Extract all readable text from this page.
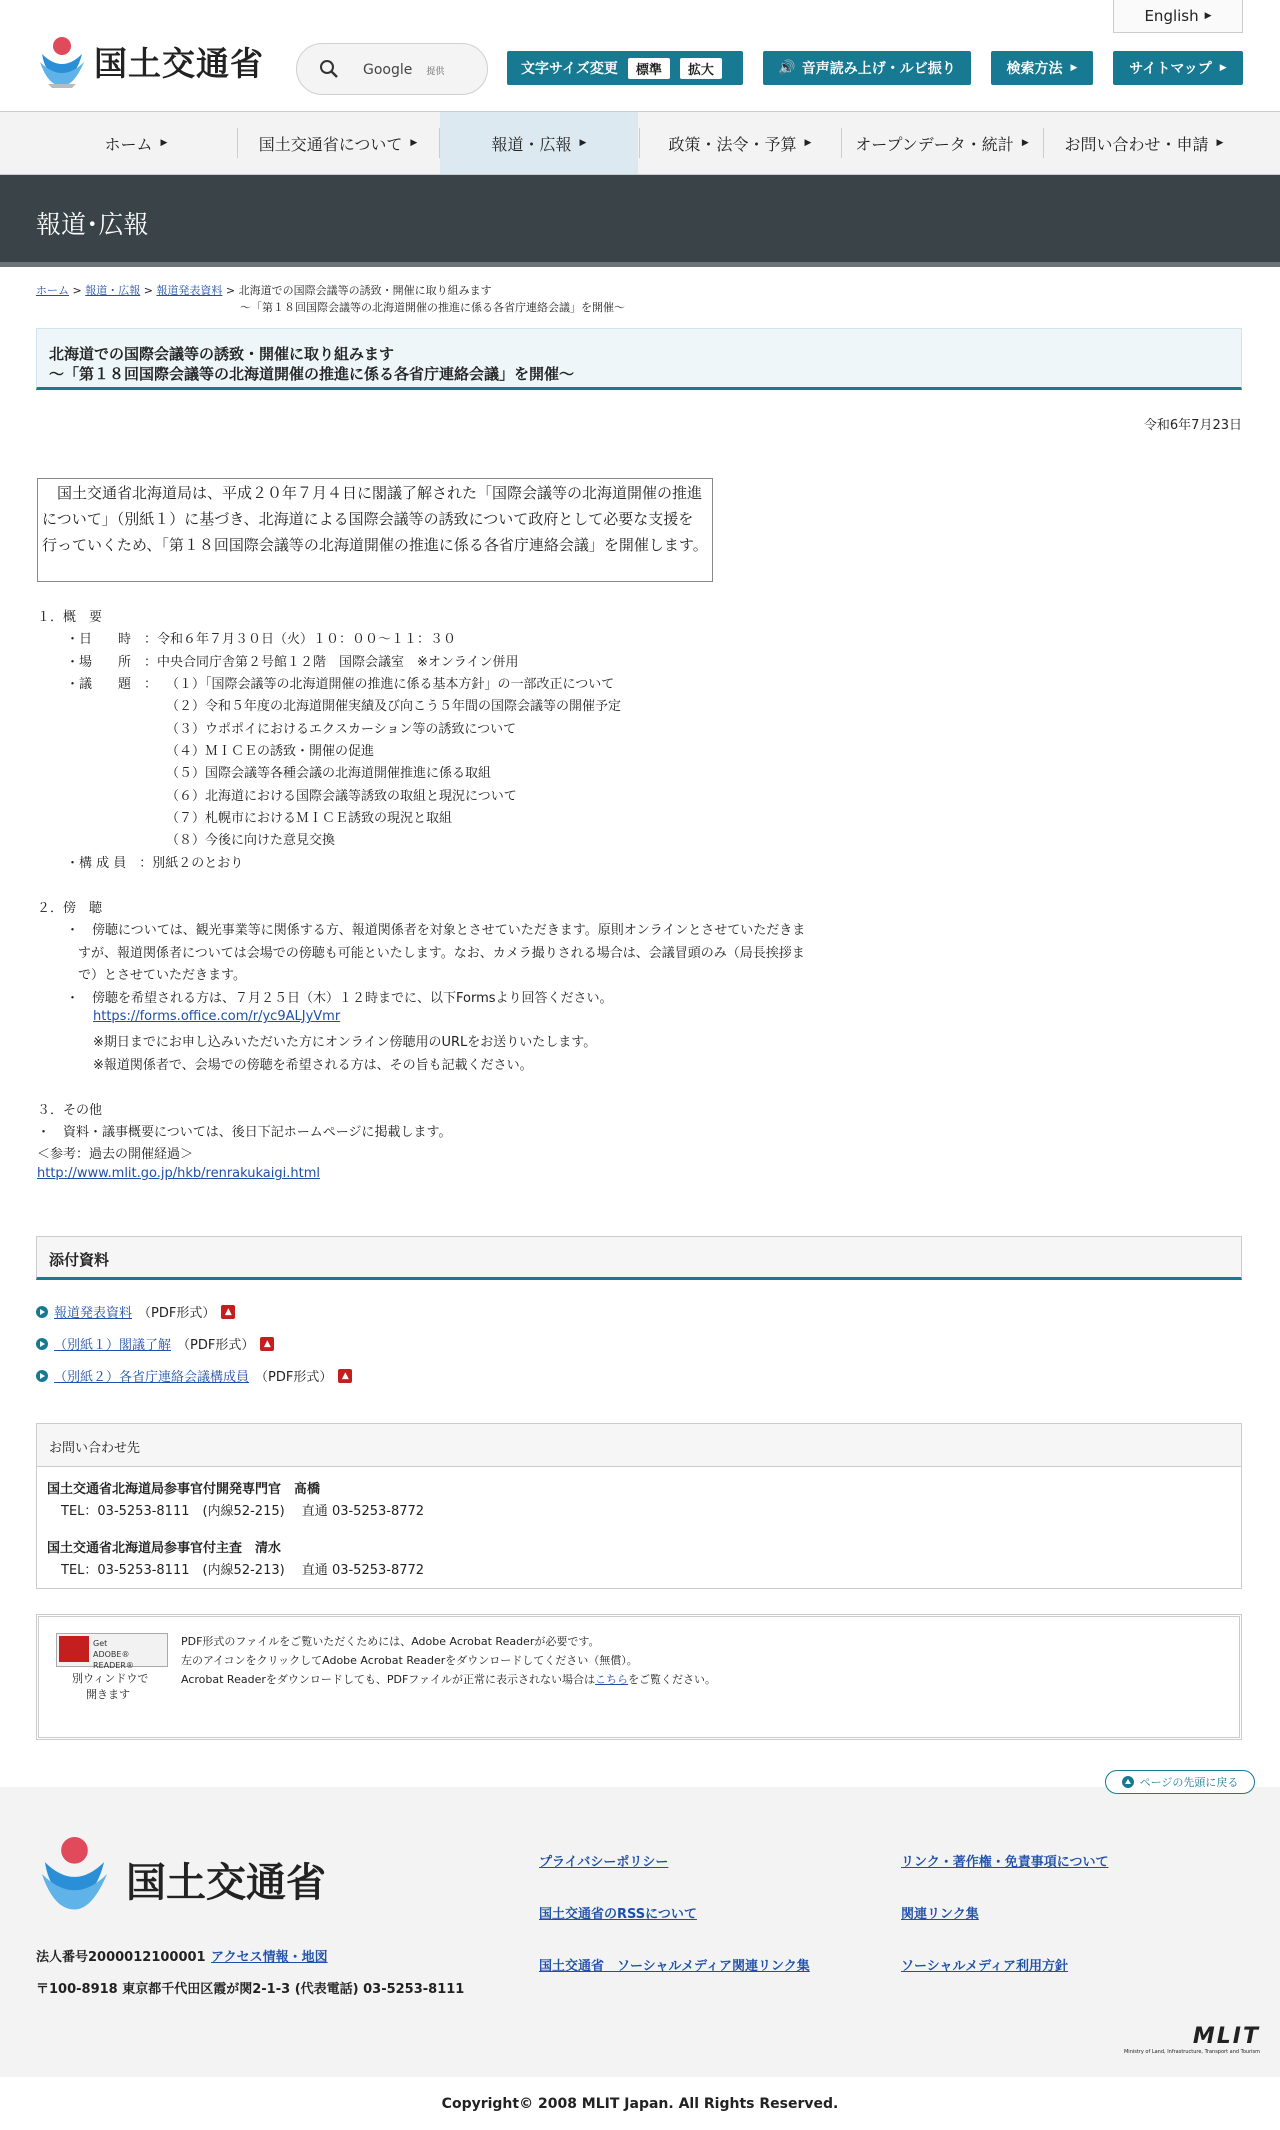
国土交通省	Google　 提供
English ▶
文字サイズ変更	標準	拡大	🔊 音声読み上げ・ルビ振り	検索方法 ▶	サイトマップ ▶
ホーム ▶	国土交通省について ▶	報道・広報 ▶	政策・法令・予算 ▶	オープンデータ・統計 ▶ お問い合わせ・申請 ▶
報道･広報
ホーム > 報道・広報 > 報道発表資料 > 北海道での国際会議等の誘致・開催に取り組みます
～「第１８回国際会議等の北海道開催の推進に係る各省庁連絡会議」を開催～
北海道での国際会議等の誘致・開催に取り組みます
～「第１８回国際会議等の北海道開催の推進に係る各省庁連絡会議」を開催～
令和6年7月23日
　国土交通省北海道局は、平成２０年７月４日に閣議了解された「国際会議等の北海道開催の推進について」（別紙１）に基づき、北海道による国際会議等の誘致について政府として必要な支援を行っていくため、「第１８回国際会議等の北海道開催の推進に係る各省庁連絡会議」を開催します。
１．概　要
・日　　時　：令和６年７月３０日（火）１０：００～１１：３０
・場　　所　：中央合同庁舎第２号館１２階　国際会議室　※オンライン併用
・議　　題　： （１）「国際会議等の北海道開催の推進に係る基本方針」の一部改正について
（２）令和５年度の北海道開催実績及び向こう５年間の国際会議等の開催予定
（３）ウポポイにおけるエクスカーション等の誘致について
（４）ＭＩＣＥの誘致・開催の促進
（５）国際会議等各種会議の北海道開催推進に係る取組
（６）北海道における国際会議等誘致の取組と現況について
（７）札幌市におけるＭＩＣＥ誘致の現況と取組
（８）今後に向けた意見交換
・構 成 員　：別紙２のとおり
２．傍　聴
・　傍聴については、観光事業等に関係する方、報道関係者を対象とさせていただきます。原則オンラインとさせていただきま
すが、報道関係者については会場での傍聴も可能といたします。なお、カメラ撮りされる場合は、会議冒頭のみ（局長挨拶ま
で）とさせていただきます。
・　傍聴を希望される方は、７月２５日（木）１２時までに、以下Formsより回答ください。
https://forms.office.com/r/yc9ALJyVmr
※期日までにお申し込みいただいた方にオンライン傍聴用のURLをお送りいたします。
※報道関係者で、会場での傍聴を希望される方は、その旨も記載ください。
３．その他
・　資料・議事概要については、後日下記ホームページに掲載します。
＜参考：過去の開催経過＞
http://www.mlit.go.jp/hkb/renrakukaigi.html
添付資料
報道発表資料 （PDF形式）	▲
（別紙１）閣議了解 （PDF形式）	▲
（別紙２）各省庁連絡会議構成員 （PDF形式）	▲
お問い合わせ先
国土交通省北海道局参事官付開発専門官　髙橋
TEL：03-5253-8111　(内線52-215)　 直通 03-5253-8772
国土交通省北海道局参事官付主査　清水
TEL：03-5253-8111　(内線52-213)　 直通 03-5253-8772
Get
ADOBE® READER®
別ウィンドウで
開きます
PDF形式のファイルをご覧いただくためには、Adobe Acrobat Readerが必要です。
左のアイコンをクリックしてAdobe Acrobat Readerをダウンロードしてください（無償）。
Acrobat Readerをダウンロードしても、PDFファイルが正常に表示されない場合はこちらをご覧ください。
国土交通省
法人番号2000012100001 アクセス情報・地図
〒100-8918 東京都千代田区霞が関2-1-3 (代表電話) 03-5253-8111
プライバシーポリシー
国土交通省のRSSについて
国土交通省　ソーシャルメディア関連リンク集
リンク・著作権・免責事項について
関連リンク集
ソーシャルメディア利用方針
MLIT
Ministry of Land, Infrastructure, Transport and Tourism
ページの先頭に戻る
Copyright© 2008 MLIT Japan. All Rights Reserved.
